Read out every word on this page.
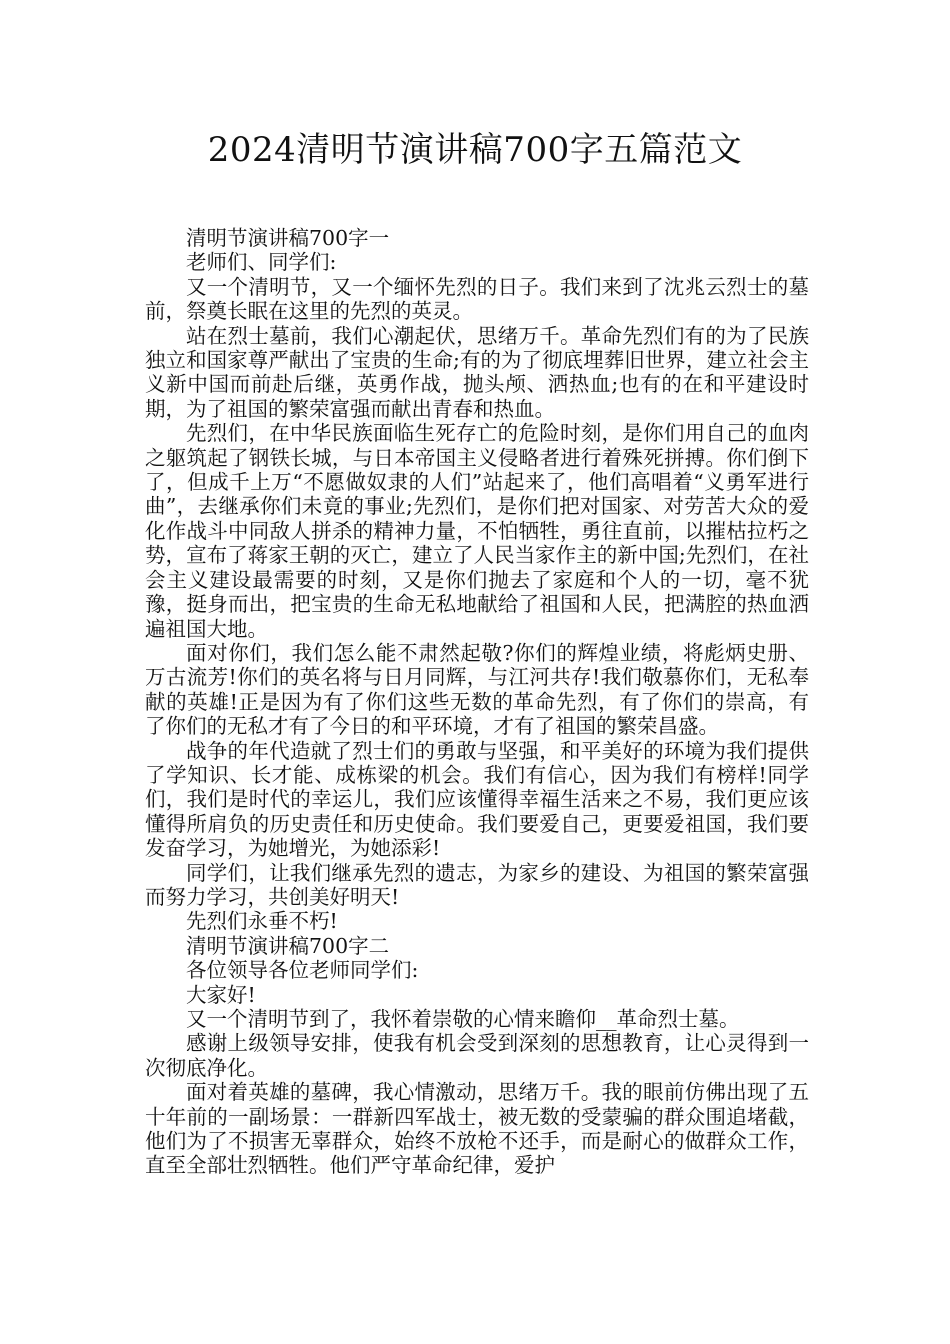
2024清明节演讲稿700字五篇范文

清明节演讲稿700字一

老师们、同学们:

又一个清明节，又一个缅怀先烈的日子。我们来到了沈兆云烈士的墓前，祭奠长眠在这里的先烈的英灵。

站在烈士墓前，我们心潮起伏，思绪万千。革命先烈们有的为了民族独立和国家尊严献出了宝贵的生命;有的为了彻底埋葬旧世界，建立社会主义新中国而前赴后继，英勇作战，抛头颅、洒热血;也有的在和平建设时期，为了祖国的繁荣富强而献出青春和热血。

先烈们，在中华民族面临生死存亡的危险时刻，是你们用自己的血肉之躯筑起了钢铁长城，与日本帝国主义侵略者进行着殊死拼搏。你们倒下了，但成千上万“不愿做奴隶的人们”站起来了，他们高唱着“义勇军进行曲”，去继承你们未竟的事业;先烈们，是你们把对国家、对劳苦大众的爱化作战斗中同敌人拼杀的精神力量，不怕牺牲，勇往直前，以摧枯拉朽之势，宣布了蒋家王朝的灭亡，建立了人民当家作主的新中国;先烈们，在社会主义建设最需要的时刻，又是你们抛去了家庭和个人的一切，毫不犹豫，挺身而出，把宝贵的生命无私地献给了祖国和人民，把满腔的热血洒遍祖国大地。

面对你们，我们怎么能不肃然起敬?你们的辉煌业绩，将彪炳史册、万古流芳!你们的英名将与日月同辉，与江河共存!我们敬慕你们，无私奉献的英雄!正是因为有了你们这些无数的革命先烈，有了你们的崇高，有了你们的无私才有了今日的和平环境，才有了祖国的繁荣昌盛。

战争的年代造就了烈士们的勇敢与坚强，和平美好的环境为我们提供了学知识、长才能、成栋梁的机会。我们有信心，因为我们有榜样!同学们，我们是时代的幸运儿，我们应该懂得幸福生活来之不易，我们更应该懂得所肩负的历史责任和历史使命。我们要爱自己，更要爱祖国，我们要发奋学习，为她增光，为她添彩!

同学们，让我们继承先烈的遗志，为家乡的建设、为祖国的繁荣富强而努力学习，共创美好明天!

先烈们永垂不朽!

清明节演讲稿700字二

各位领导各位老师同学们:

大家好!

又一个清明节到了，我怀着崇敬的心情来瞻仰__革命烈士墓。

感谢上级领导安排，使我有机会受到深刻的思想教育，让心灵得到一次彻底净化。

面对着英雄的墓碑，我心情激动，思绪万千。我的眼前仿佛出现了五十年前的一副场景：一群新四军战士，被无数的受蒙骗的群众围追堵截，他们为了不损害无辜群众，始终不放枪不还手，而是耐心的做群众工作，直至全部壮烈牺牲。他们严守革命纪律，爱护
